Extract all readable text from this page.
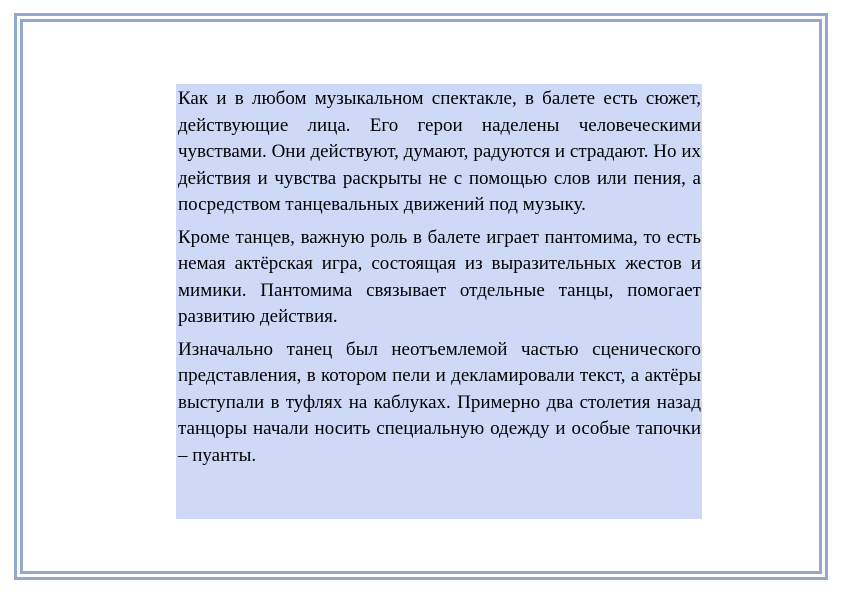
Как и в любом музыкальном спектакле, в балете есть сюжет, действующие лица. Его герои наделены человеческими чувствами. Они действуют, думают, радуются и страдают. Но их действия и чувства раскрыты не с помощью слов или пения, а посредством танцевальных движений под музыку.

Кроме танцев, важную роль в балете играет пантомима, то есть немая актёрская игра, состоящая из выразительных жестов и мимики. Пантомима связывает отдельные танцы, помогает развитию действия.

Изначально танец был неотъемлемой частью сценического представления, в котором пели и декламировали текст, а актёры выступали в туфлях на каблуках. Примерно два столетия назад танцоры начали носить специальную одежду и особые тапочки – пуанты.
